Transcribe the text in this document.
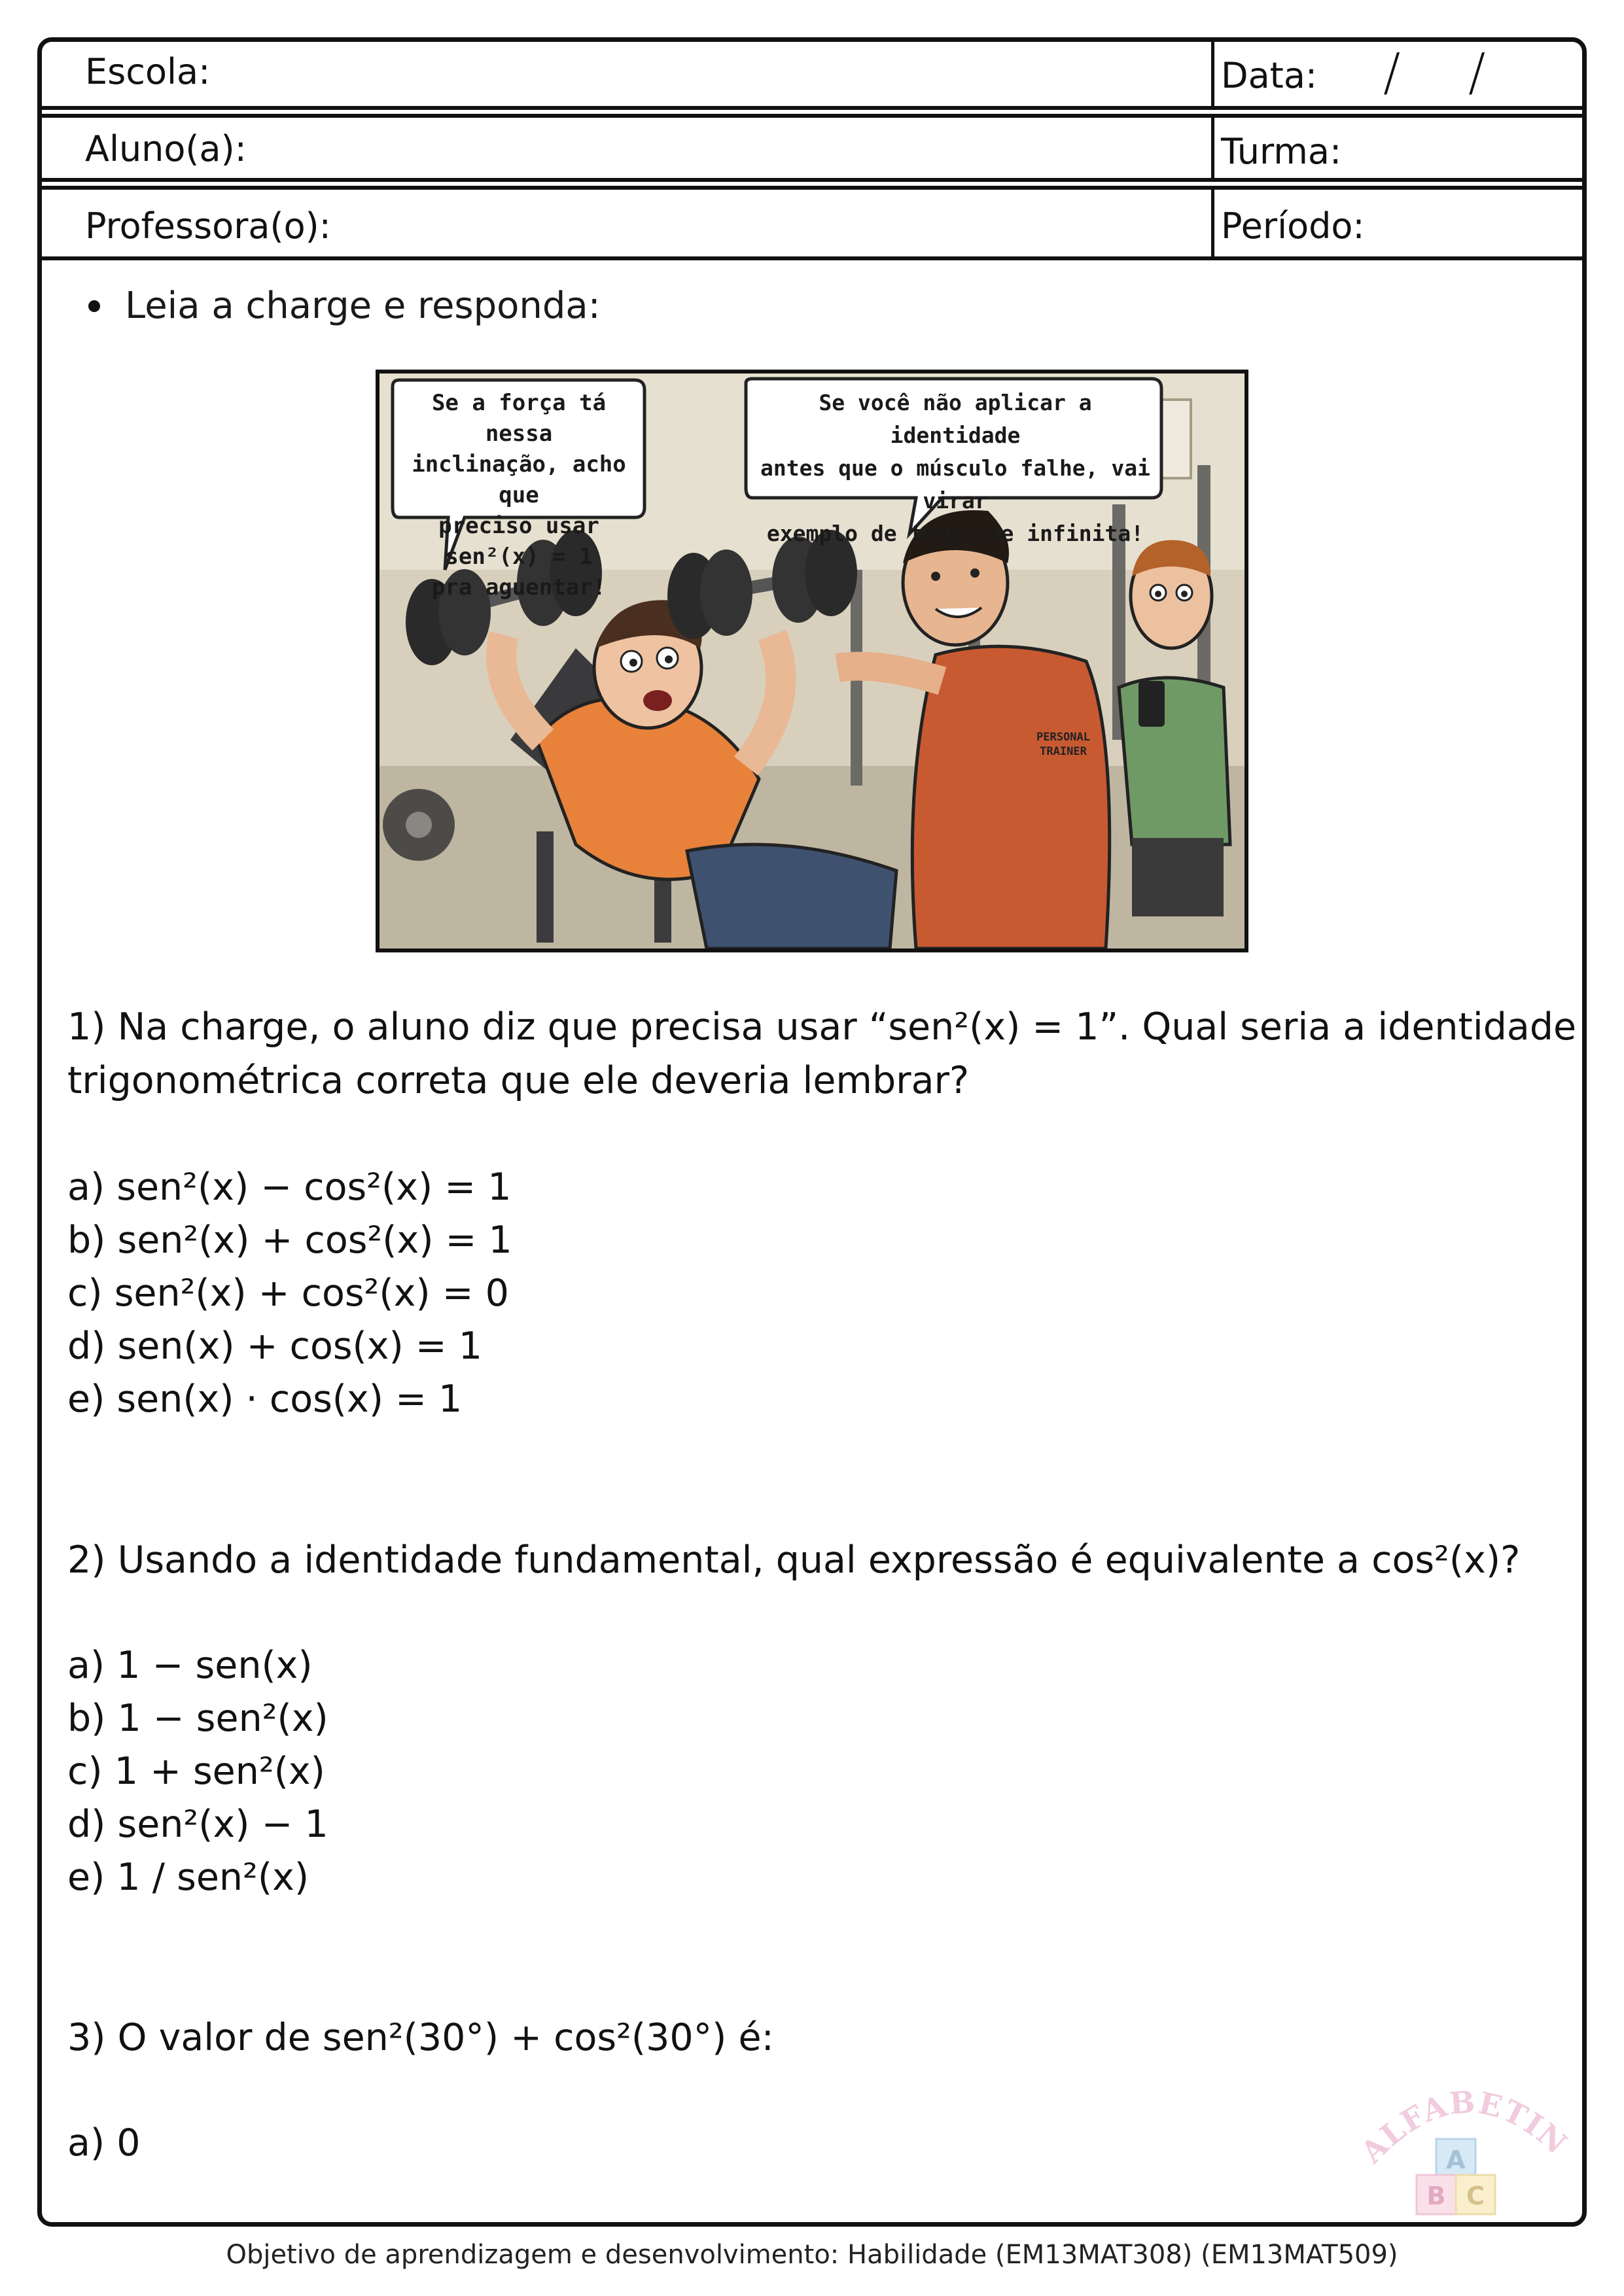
Escola:	Data: / /
Aluno(a):	Turma:
Professora(o):	Período:
Leia a charge e responda:
Se a força tá nessa
inclinação, acho que
preciso usar sen²(x) = 1
pra aguentar!
Se você não aplicar a identidade
antes que o músculo falhe, vai virar
exemplo de tangente infinita!
PERSONAL
TRAINER
1) Na charge, o aluno diz que precisa usar “sen²(x) = 1”. Qual seria a identidade
trigonométrica correta que ele deveria lembrar?
a) sen²(x) − cos²(x) = 1
b) sen²(x) + cos²(x) = 1
c) sen²(x) + cos²(x) = 0
d) sen(x) + cos(x) = 1
e) sen(x) · cos(x) = 1
2) Usando a identidade fundamental, qual expressão é equivalente a cos²(x)?
a) 1 − sen(x)
b) 1 − sen²(x)
c) 1 + sen²(x)
d) sen²(x) − 1
e) 1 / sen²(x)
3) O valor de sen²(30°) + cos²(30°) é:
a) 0	LFABETIN
A
B C
Objetivo de aprendizagem e desenvolvimento: Habilidade (EM13MAT308) (EM13MAT509)
